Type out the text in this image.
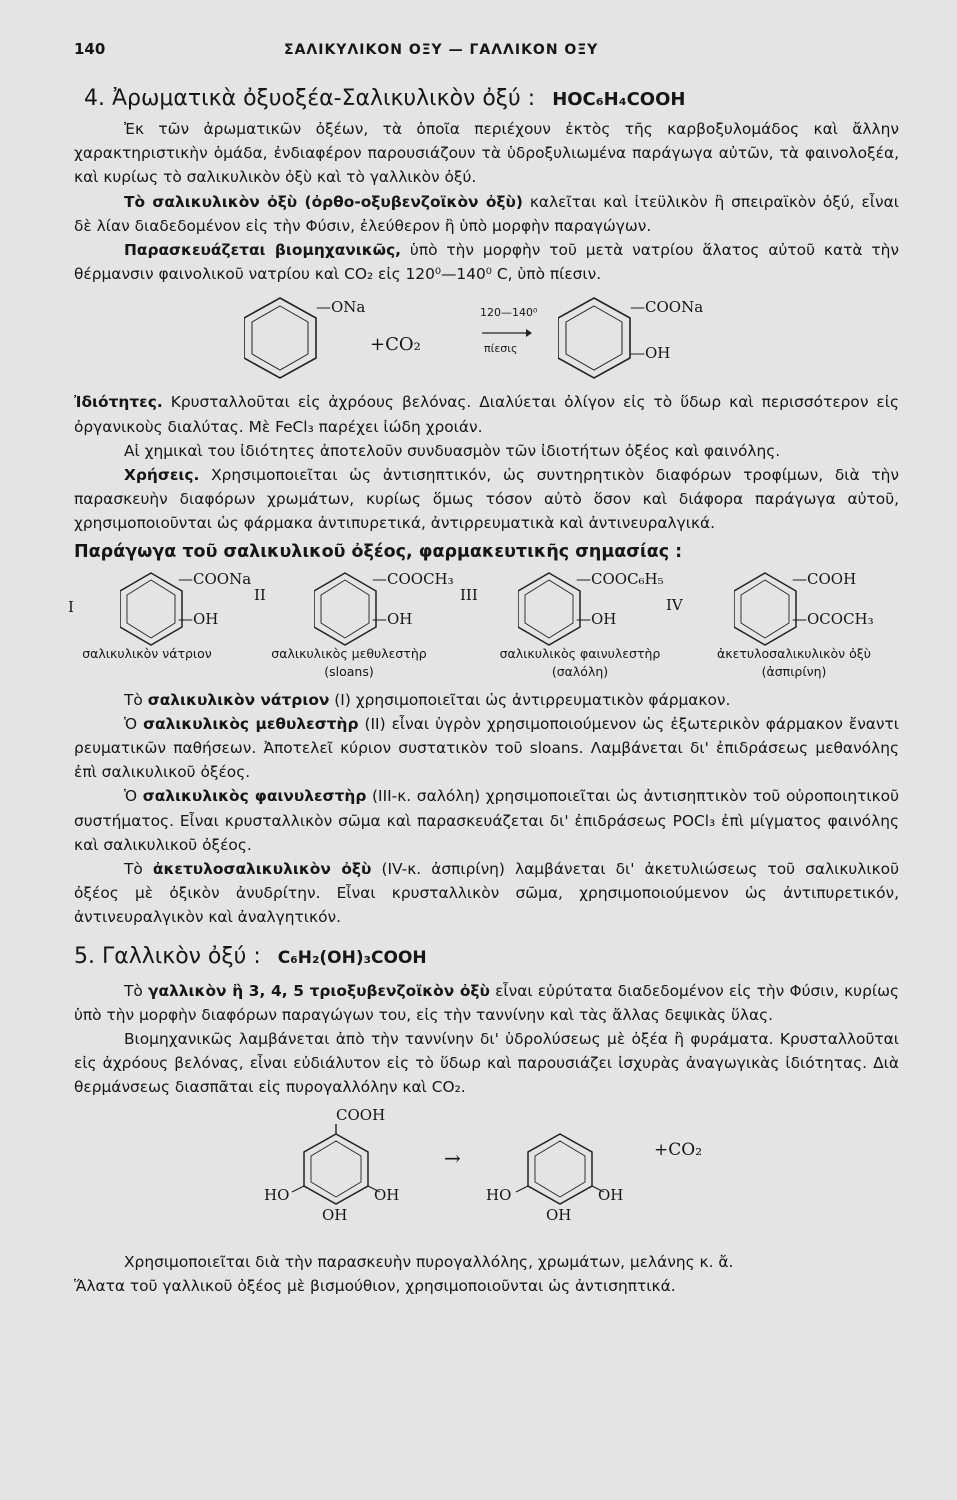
140	ΣΑΛΙΚΥΛΙΚΟΝ ΟΞΥ — ΓΑΛΛΙΚΟΝ ΟΞΥ
4. Ἀρωματικὰ ὀξυοξέα-Σαλικυλικὸν ὀξύ : HOC₆H₄COOH

Ἐκ τῶν ἀρωματικῶν ὀξέων, τὰ ὁποῖα περιέχουν ἐκτὸς τῆς καρβοξυλομάδος καὶ ἄλλην χαρακτηριστικὴν ὁμάδα, ἐνδιαφέρον παρουσιάζουν τὰ ὑδροξυλιωμένα παράγωγα αὐτῶν, τὰ φαινολοξέα, καὶ κυρίως τὸ σαλικυλικὸν ὀξὺ καὶ τὸ γαλλικὸν ὀξύ.

Τὸ σαλικυλικὸν ὀξὺ (ὀρθο-οξυβενζοϊκὸν ὀξὺ) καλεῖται καὶ ἰτεϋλικὸν ἢ σπειραϊκὸν ὀξύ, εἶναι δὲ λίαν διαδεδομένον εἰς τὴν Φύσιν, ἐλεύθερον ἢ ὑπὸ μορφὴν παραγώγων.

Παρασκευάζεται βιομηχανικῶς, ὑπὸ τὴν μορφὴν τοῦ μετὰ νατρίου ἅλατος αὐτοῦ κατὰ τὴν θέρμανσιν φαινολικοῦ νατρίου καὶ CO₂ εἰς 120⁰—140⁰ C, ὑπὸ πίεσιν.

—ONa
+CO₂
120—140⁰
πίεσις
—COONa
—OH

Ἰδιότητες. Κρυσταλλοῦται εἰς ἀχρόους βελόνας. Διαλύεται ὀλίγον εἰς τὸ ὕδωρ καὶ περισσότερον εἰς ὀργανικοὺς διαλύτας. Μὲ FeCl₃ παρέχει ἰώδη χροιάν.

Αἱ χημικαὶ του ἰδιότητες ἀποτελοῦν συνδυασμὸν τῶν ἰδιοτήτων ὀξέος καὶ φαινόλης.

Χρήσεις. Χρησιμοποιεῖται ὡς ἀντισηπτικόν, ὡς συντηρητικὸν διαφόρων τροφίμων, διὰ τὴν παρασκευὴν διαφόρων χρωμάτων, κυρίως ὅμως τόσον αὐτὸ ὅσον καὶ διάφορα παράγωγα αὐτοῦ, χρησιμοποιοῦνται ὡς φάρμακα ἀντιπυρετικά, ἀντιρρευματικὰ καὶ ἀντινευραλγικά.

Παράγωγα τοῦ σαλικυλικοῦ ὀξέος, φαρμακευτικῆς σημασίας :
I
—COONa
—OH
σαλικυλικὸν νάτριον
II
—COOCH₃
—OH
σαλικυλικὸς μεθυλεστὴρ
(sloans)
III
—COOC₆H₅
—OH
σαλικυλικὸς φαινυλεστὴρ
(σαλόλη)
IV
—COOH
—OCOCH₃
ἀκετυλοσαλικυλικὸν ὀξὺ
(ἀσπιρίνη)

Τὸ σαλικυλικὸν νάτριον (I) χρησιμοποιεῖται ὡς ἀντιρρευματικὸν φάρμακον.

Ὁ σαλικυλικὸς μεθυλεστὴρ (II) εἶναι ὑγρὸν χρησιμοποιούμενον ὡς ἐξωτερικὸν φάρμακον ἔναντι ρευματικῶν παθήσεων. Ἀποτελεῖ κύριον συστατικὸν τοῦ sloans. Λαμβάνεται δι' ἐπιδράσεως μεθανόλης ἐπὶ σαλικυλικοῦ ὀξέος.

Ὁ σαλικυλικὸς φαινυλεστὴρ (III-κ. σαλόλη) χρησιμοποιεῖται ὡς ἀντισηπτικὸν τοῦ οὐροποιητικοῦ συστήματος. Εἶναι κρυσταλλικὸν σῶμα καὶ παρασκευάζεται δι' ἐπιδράσεως POCl₃ ἐπὶ μίγματος φαινόλης καὶ σαλικυλικοῦ ὀξέος.

Τὸ ἀκετυλοσαλικυλικὸν ὀξὺ (IV-κ. ἀσπιρίνη) λαμβάνεται δι' ἀκετυλιώσεως τοῦ σαλικυλικοῦ ὀξέος μὲ ὀξικὸν ἀνυδρίτην. Εἶναι κρυσταλλικὸν σῶμα, χρησιμοποιούμενον ὡς ἀντιπυρετικόν, ἀντινευραλγικὸν καὶ ἀναλγητικόν.

5. Γαλλικὸν ὀξύ : C₆H₂(OH)₃COOH

Τὸ γαλλικὸν ἢ 3, 4, 5 τριοξυβενζοϊκὸν ὀξὺ εἶναι εὐρύτατα διαδεδομένον εἰς τὴν Φύσιν, κυρίως ὑπὸ τὴν μορφὴν διαφόρων παραγώγων του, εἰς τὴν ταννίνην καὶ τὰς ἄλλας δεψικὰς ὕλας.

Βιομηχανικῶς λαμβάνεται ἀπὸ τὴν ταννίνην δι' ὑδρολύσεως μὲ ὀξέα ἢ φυράματα. Κρυσταλλοῦται εἰς ἀχρόους βελόνας, εἶναι εὐδιάλυτον εἰς τὸ ὕδωρ καὶ παρουσιάζει ἰσχυρὰς ἀναγωγικὰς ἰδιότητας. Διὰ θερμάνσεως διασπᾶται εἰς πυρογαλλόλην καὶ CO₂.

COOH
HO	OH
OH
→
HO	OH
OH
+CO₂

Χρησιμοποιεῖται διὰ τὴν παρασκευὴν πυρογαλλόλης, χρωμάτων, μελάνης κ. ἄ.

Ἅλατα τοῦ γαλλικοῦ ὀξέος μὲ βισμούθιον, χρησιμοποιοῦνται ὡς ἀντισηπτικά.
